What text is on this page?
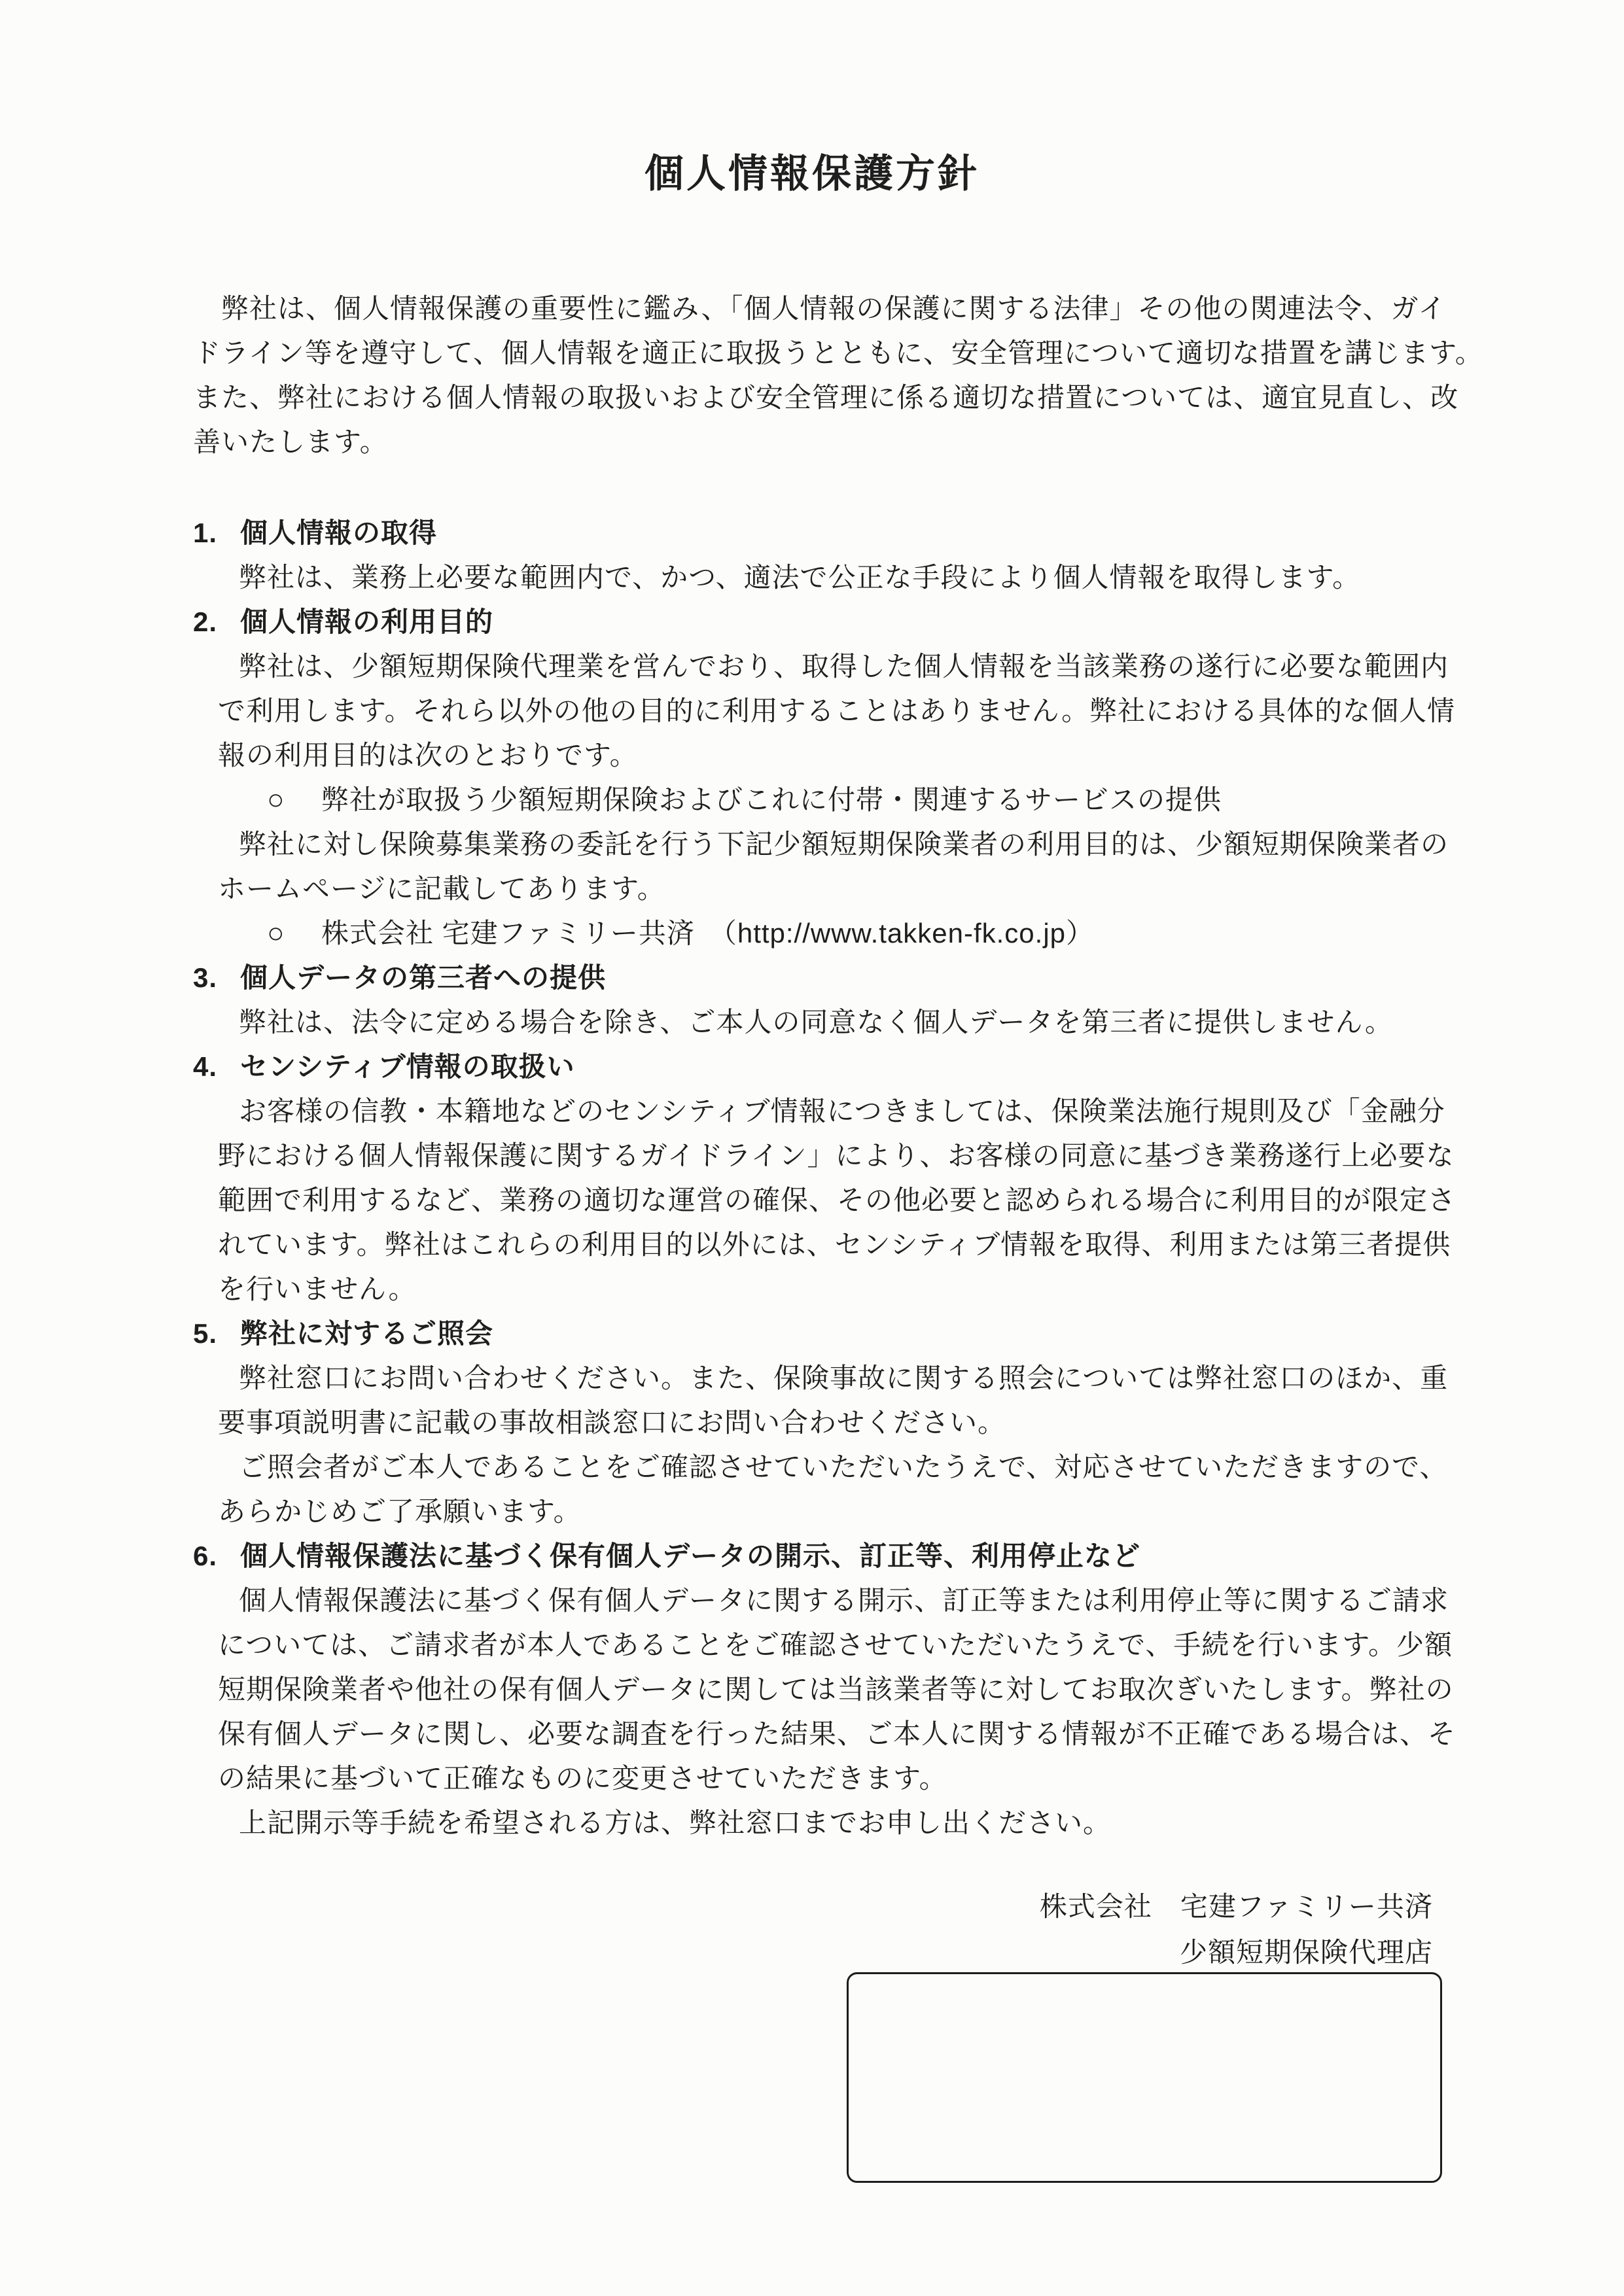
個人情報保護方針
弊社は、個人情報保護の重要性に鑑み、「個人情報の保護に関する法律」その他の関連法令、ガイ
ドライン等を遵守して、個人情報を適正に取扱うとともに、安全管理について適切な措置を講じます。
また、弊社における個人情報の取扱いおよび安全管理に係る適切な措置については、適宜見直し、改
善いたします。
1. 個人情報の取得
弊社は、業務上必要な範囲内で、かつ、適法で公正な手段により個人情報を取得します。
2. 個人情報の利用目的
弊社は、少額短期保険代理業を営んでおり、取得した個人情報を当該業務の遂行に必要な範囲内
で利用します。それら以外の他の目的に利用することはありません。弊社における具体的な個人情
報の利用目的は次のとおりです。
○ 弊社が取扱う少額短期保険およびこれに付帯・関連するサービスの提供
弊社に対し保険募集業務の委託を行う下記少額短期保険業者の利用目的は、少額短期保険業者の
ホームページに記載してあります。
○ 株式会社 宅建ファミリー共済　（http://www.takken-fk.co.jp）
3. 個人データの第三者への提供
弊社は、法令に定める場合を除き、ご本人の同意なく個人データを第三者に提供しません。
4. センシティブ情報の取扱い
お客様の信教・本籍地などのセンシティブ情報につきましては、保険業法施行規則及び「金融分
野における個人情報保護に関するガイドライン」により、お客様の同意に基づき業務遂行上必要な
範囲で利用するなど、業務の適切な運営の確保、その他必要と認められる場合に利用目的が限定さ
れています。弊社はこれらの利用目的以外には、センシティブ情報を取得、利用または第三者提供
を行いません。
5. 弊社に対するご照会
弊社窓口にお問い合わせください。また、保険事故に関する照会については弊社窓口のほか、重
要事項説明書に記載の事故相談窓口にお問い合わせください。
ご照会者がご本人であることをご確認させていただいたうえで、対応させていただきますので、
あらかじめご了承願います。
6. 個人情報保護法に基づく保有個人データの開示、訂正等、利用停止など
個人情報保護法に基づく保有個人データに関する開示、訂正等または利用停止等に関するご請求
については、ご請求者が本人であることをご確認させていただいたうえで、手続を行います。少額
短期保険業者や他社の保有個人データに関しては当該業者等に対してお取次ぎいたします。弊社の
保有個人データに関し、必要な調査を行った結果、ご本人に関する情報が不正確である場合は、そ
の結果に基づいて正確なものに変更させていただきます。
上記開示等手続を希望される方は、弊社窓口までお申し出ください。
株式会社　宅建ファミリー共済
少額短期保険代理店
